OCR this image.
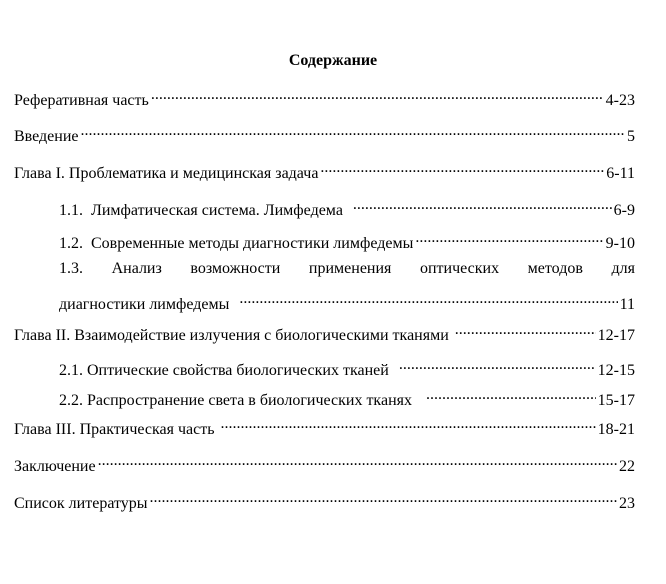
Содержание
Реферативная часть .....	4-23
Введение .....	5
Глава I. Проблематика и медицинская задача .....	6-11
1.1.  Лимфатическая система. Лимфедема .....	6-9
1.2.  Современные методы диагностики лимфедемы .....	9-10
1.3. Анализ возможности применения оптических методов для
диагностики лимфедемы .....	11
Глава II. Взаимодействие излучения с биологическими тканями .....	12-17
2.1. Оптические свойства биологических тканей .....	12-15
2.2. Распространение света в биологических тканях .....	15-17
Глава III. Практическая часть .....	18-21
Заключение .....	22
Список литературы .....	23
